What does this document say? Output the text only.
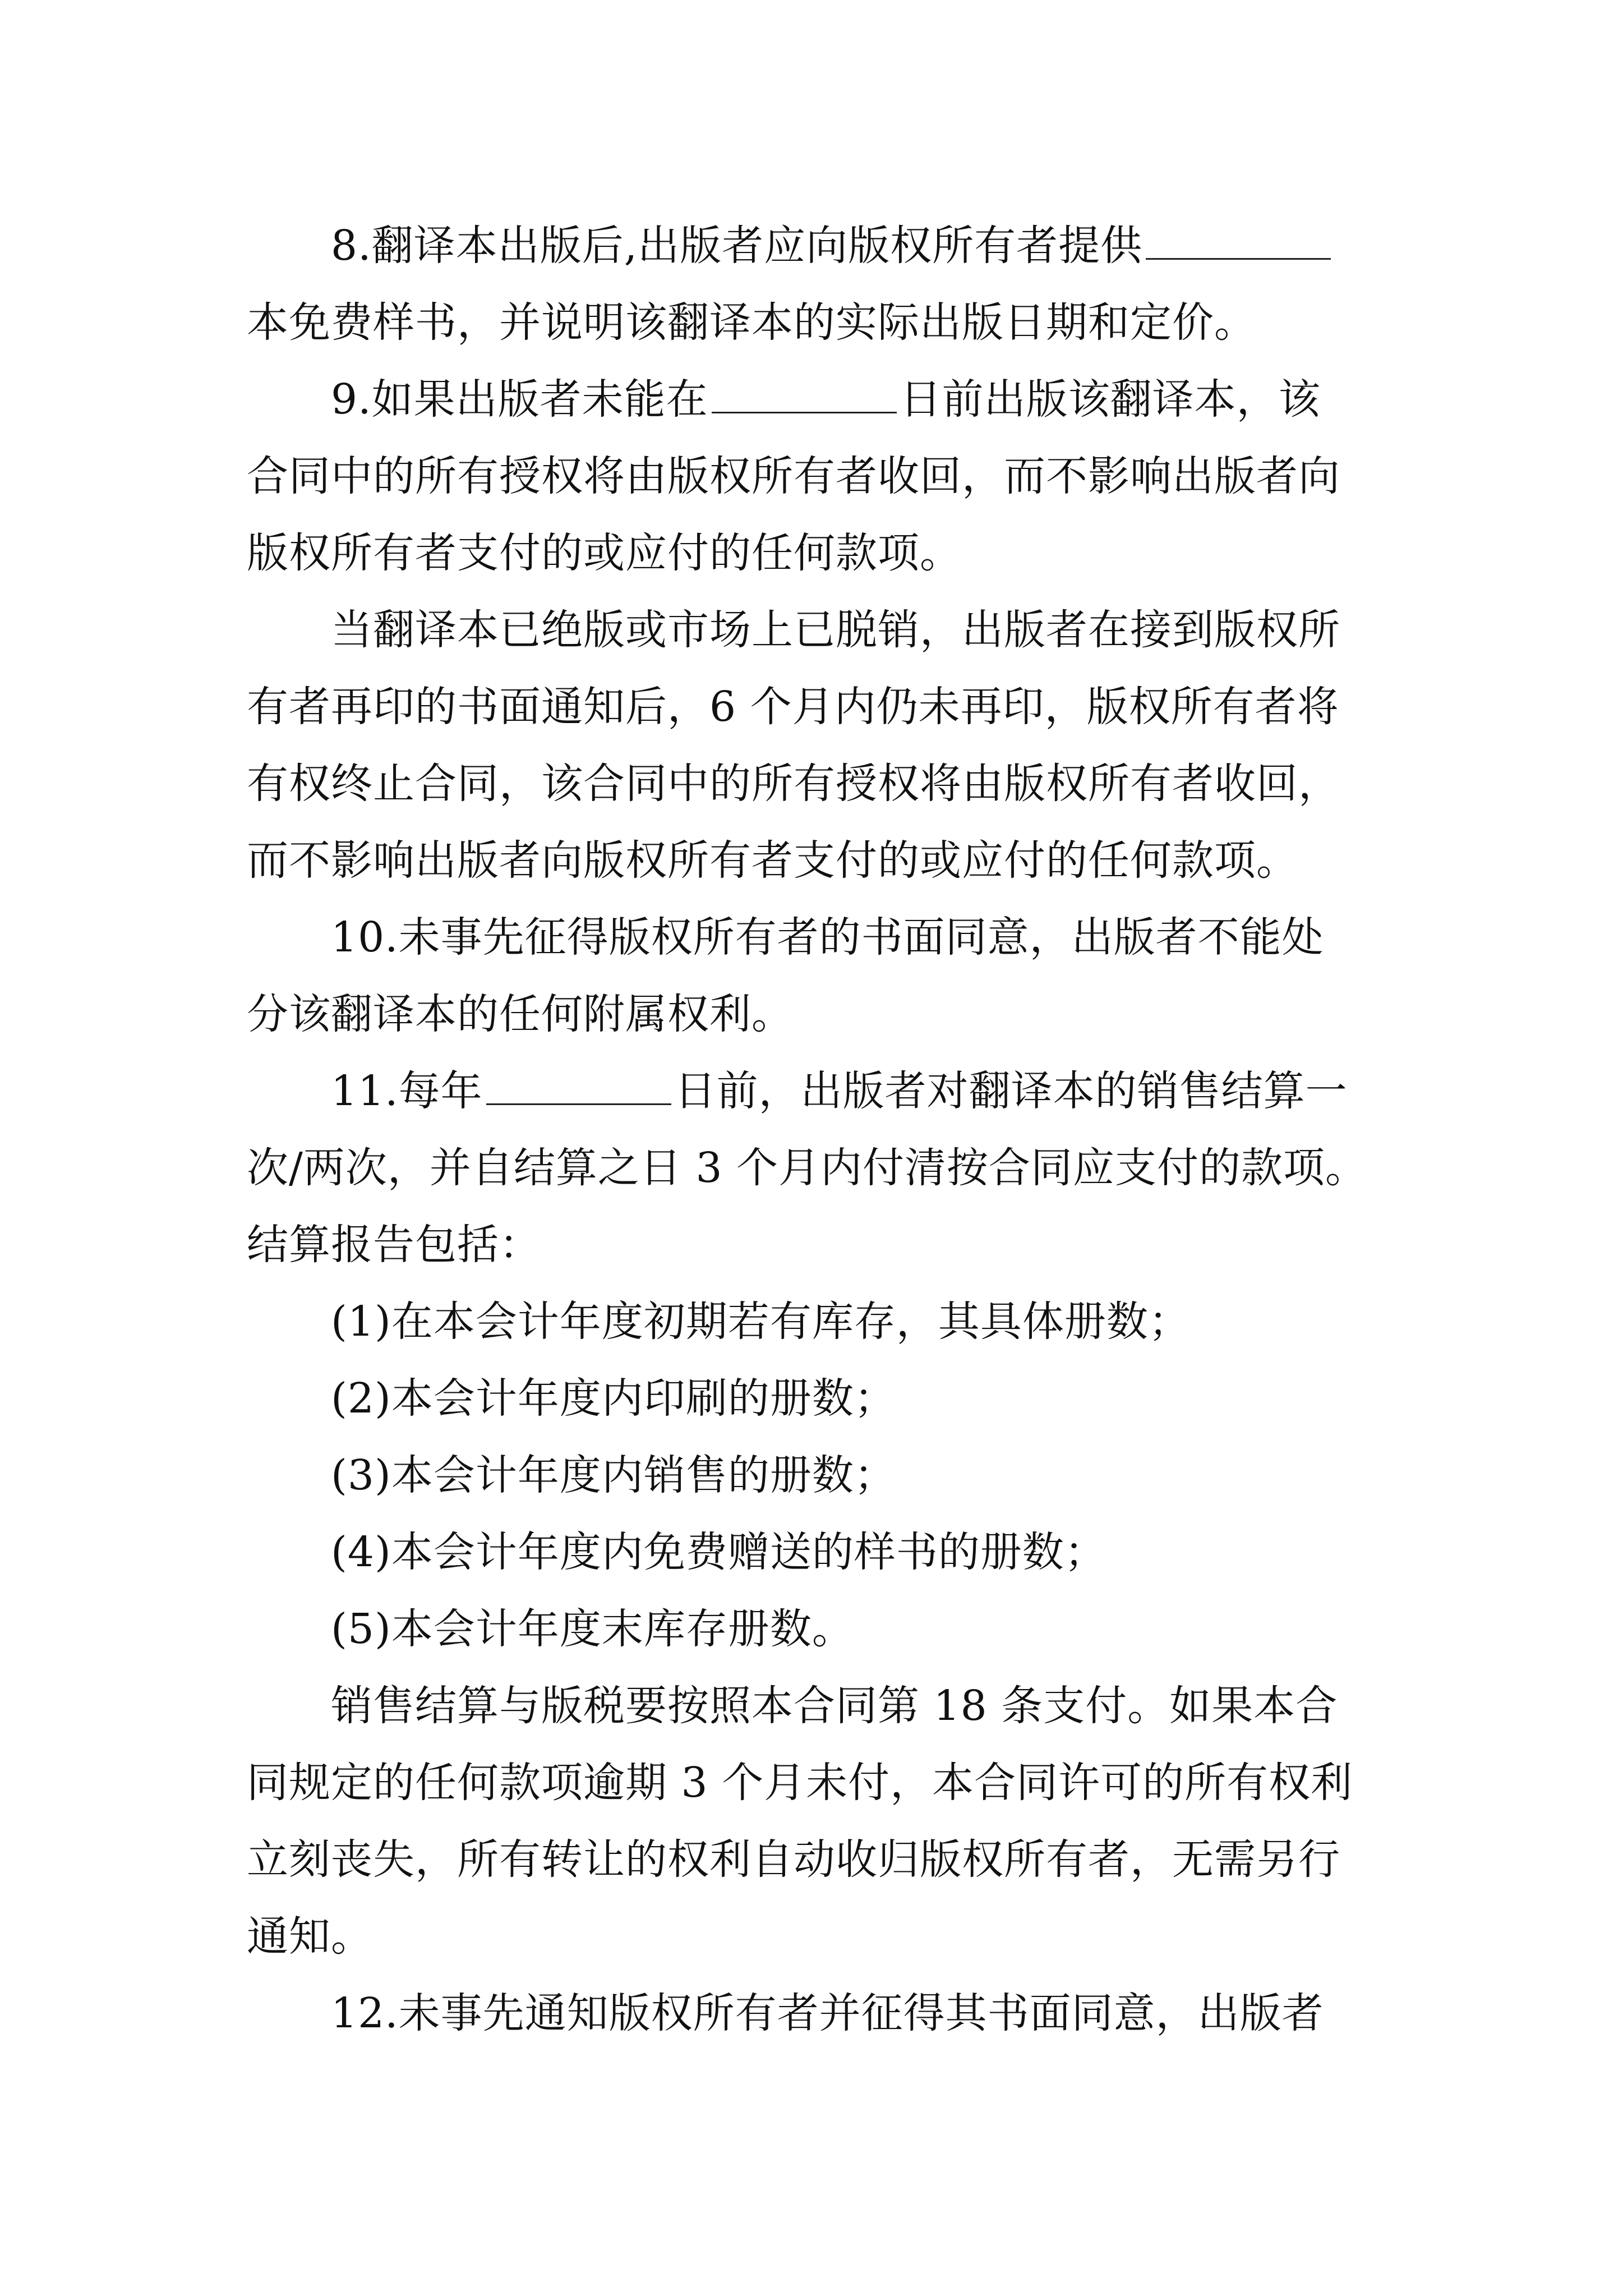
8.翻译本出版后,出版者应向版权所有者提供
本免费样书，并说明该翻译本的实际出版日期和定价。
9.如果出版者未能在	日前出版该翻译本，该
合同中的所有授权将由版权所有者收回，而不影响出版者向
版权所有者支付的或应付的任何款项。
当翻译本已绝版或市场上已脱销，出版者在接到版权所
有者再印的书面通知后，6 个月内仍未再印，版权所有者将
有权终止合同，该合同中的所有授权将由版权所有者收回，
而不影响出版者向版权所有者支付的或应付的任何款项。
10.未事先征得版权所有者的书面同意，出版者不能处
分该翻译本的任何附属权利。
11.每年	日前，出版者对翻译本的销售结算一
次/两次，并自结算之日 3 个月内付清按合同应支付的款项。
结算报告包括：
(1)在本会计年度初期若有库存，其具体册数；
(2)本会计年度内印刷的册数；
(3)本会计年度内销售的册数；
(4)本会计年度内免费赠送的样书的册数；
(5)本会计年度末库存册数。
销售结算与版税要按照本合同第 18 条支付。如果本合
同规定的任何款项逾期 3 个月未付，本合同许可的所有权利
立刻丧失，所有转让的权利自动收归版权所有者，无需另行
通知。
12.未事先通知版权所有者并征得其书面同意，出版者
